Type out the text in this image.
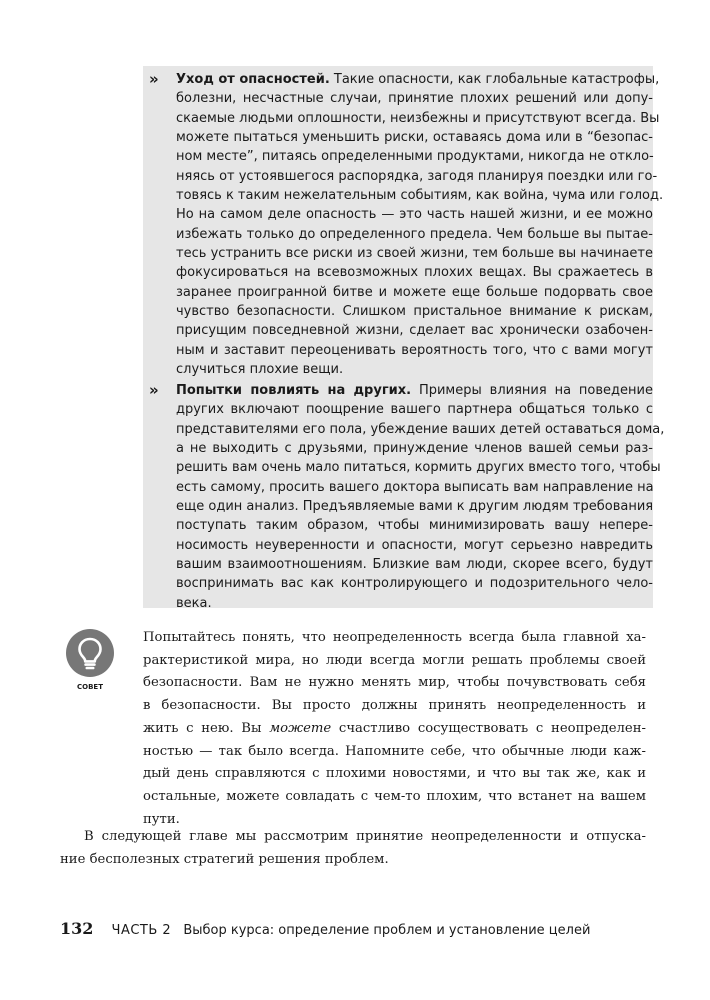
» Уход от опасностей. Такие опасности, как глобальные катастрофы,
болезни, несчастные случаи, принятие плохих решений или допу-
скаемые людьми оплошности, неизбежны и присутствуют всегда. Вы
можете пытаться уменьшить риски, оставаясь дома или в “безопас-
ном месте”, питаясь определенными продуктами, никогда не откло-
няясь от устоявшегося распорядка, загодя планируя поездки или го-
товясь к таким нежелательным событиям, как война, чума или голод.
Но на самом деле опасность — это часть нашей жизни, и ее можно
избежать только до определенного предела. Чем больше вы пытае-
тесь устранить все риски из своей жизни, тем больше вы начинаете
фокусироваться на всевозможных плохих вещах. Вы сражаетесь в
заранее проигранной битве и можете еще больше подорвать свое
чувство безопасности. Слишком пристальное внимание к рискам,
присущим повседневной жизни, сделает вас хронически озабочен-
ным и заставит переоценивать вероятность того, что с вами могут
случиться плохие вещи.
» Попытки повлиять на других. Примеры влияния на поведение
других включают поощрение вашего партнера общаться только с
представителями его пола, убеждение ваших детей оставаться дома,
а не выходить с друзьями, принуждение членов вашей семьи раз-
решить вам очень мало питаться, кормить других вместо того, чтобы
есть самому, просить вашего доктора выписать вам направление на
еще один анализ. Предъявляемые вами к другим людям требования
поступать таким образом, чтобы минимизировать вашу непере-
носимость неуверенности и опасности, могут серьезно навредить
вашим взаимоотношениям. Близкие вам люди, скорее всего, будут
воспринимать вас как контролирующего и подозрительного чело-
века.
СОВЕТ
Попытайтесь понять, что неопределенность всегда была главной ха-
рактеристикой мира, но люди всегда могли решать проблемы своей
безопасности. Вам не нужно менять мир, чтобы почувствовать себя
в безопасности. Вы просто должны принять неопределенность и
жить с нею. Вы можете счастливо сосуществовать с неопределен-
ностью — так было всегда. Напомните себе, что обычные люди каж-
дый день справляются с плохими новостями, и что вы так же, как и
остальные, можете совладать с чем-то плохим, что встанет на вашем
пути.
В следующей главе мы рассмотрим принятие неопределенности и отпуска-
ние бесполезных стратегий решения проблем.
132 ЧАСТЬ 2 Выбор курса: определение проблем и установление целей
